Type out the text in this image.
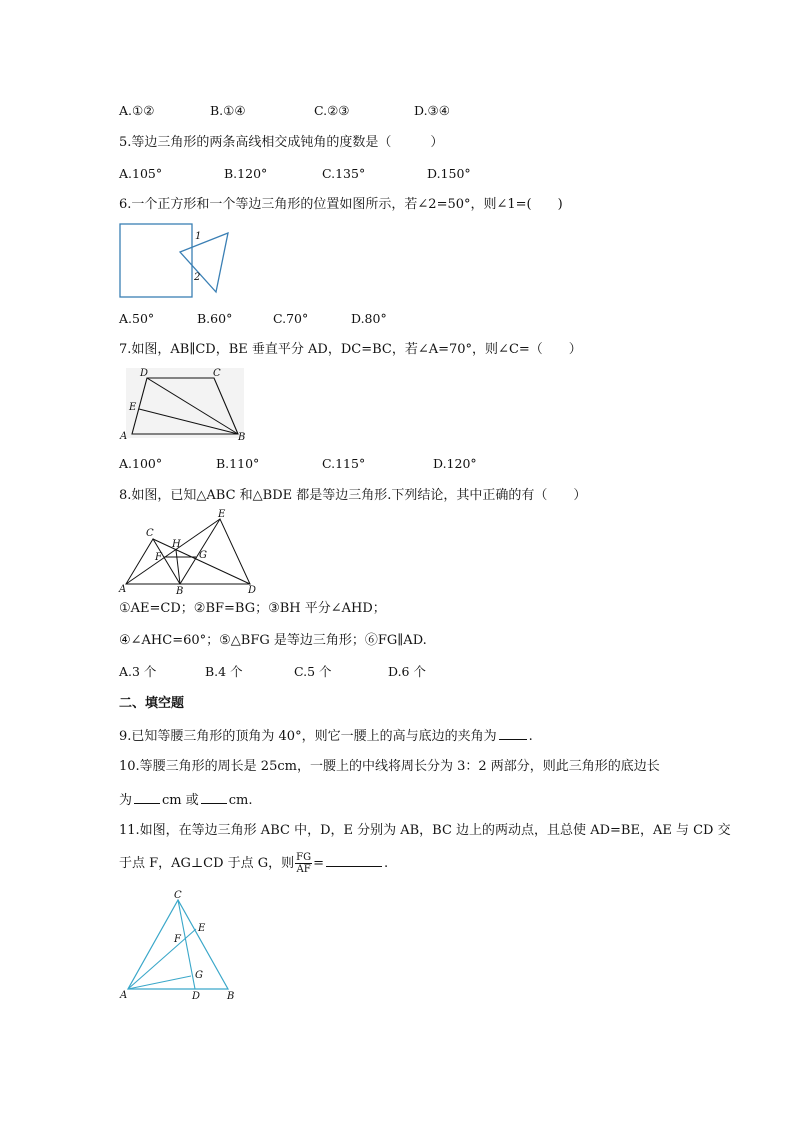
A.①②	B.①④	C.②③	D.③④
5.等边三角形的两条高线相交成钝角的度数是（　　　）
A.105°	B.120°	C.135°	D.150°
6.一个正方形和一个等边三角形的位置如图所示，若∠2=50°，则∠1=(　　)
1
2
A.50°	B.60°	C.70°	D.80°
7.如图，AB∥CD，BE 垂直平分 AD，DC=BC，若∠A=70°，则∠C=（　　）
D	C
E
A	B
A.100°	B.110°	C.115°	D.120°
8.如图，已知△ABC 和△BDE 都是等边三角形.下列结论，其中正确的有（　　）
E
C
H
G
F
A	B	D
①AE=CD；②BF=BG；③BH 平分∠AHD；
④∠AHC=60°；⑤△BFG 是等边三角形；⑥FG∥AD.
A.3 个	B.4 个	C.5 个	D.6 个
二、填空题
9.已知等腰三角形的顶角为 40°，则它一腰上的高与底边的夹角为 .
10.等腰三角形的周长是 25cm，一腰上的中线将周长分为 3：2 两部分，则此三角形的底边长
为 cm 或 cm.
11.如图，在等边三角形 ABC 中，D，E 分别为 AB，BC 边上的两动点，且总使 AD=BE，AE 与 CD 交
于点 F，AG⊥CD 于点 G，则 $\frac{FG}{AF}$ =	.
C
E
F
G
A	D	B
